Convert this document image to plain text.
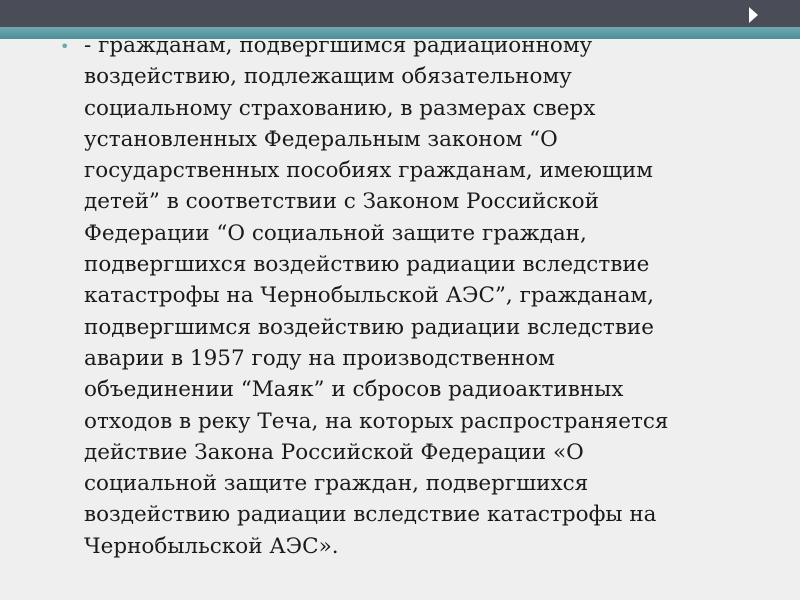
• - гражданам, подвергшимся радиационному
воздействию, подлежащим обязательному
социальному страхованию, в размерах сверх
установленных Федеральным законом “О
государственных пособиях гражданам, имеющим
детей” в соответствии с Законом Российской
Федерации “О социальной защите граждан,
подвергшихся воздействию радиации вследствие
катастрофы на Чернобыльской АЭС”, гражданам,
подвергшимся воздействию радиации вследствие
аварии в 1957 году на производственном
объединении “Маяк” и сбросов радиоактивных
отходов в реку Теча, на которых распространяется
действие Закона Российской Федерации «О
социальной защите граждан, подвергшихся
воздействию радиации вследствие катастрофы на
Чернобыльской АЭС».
